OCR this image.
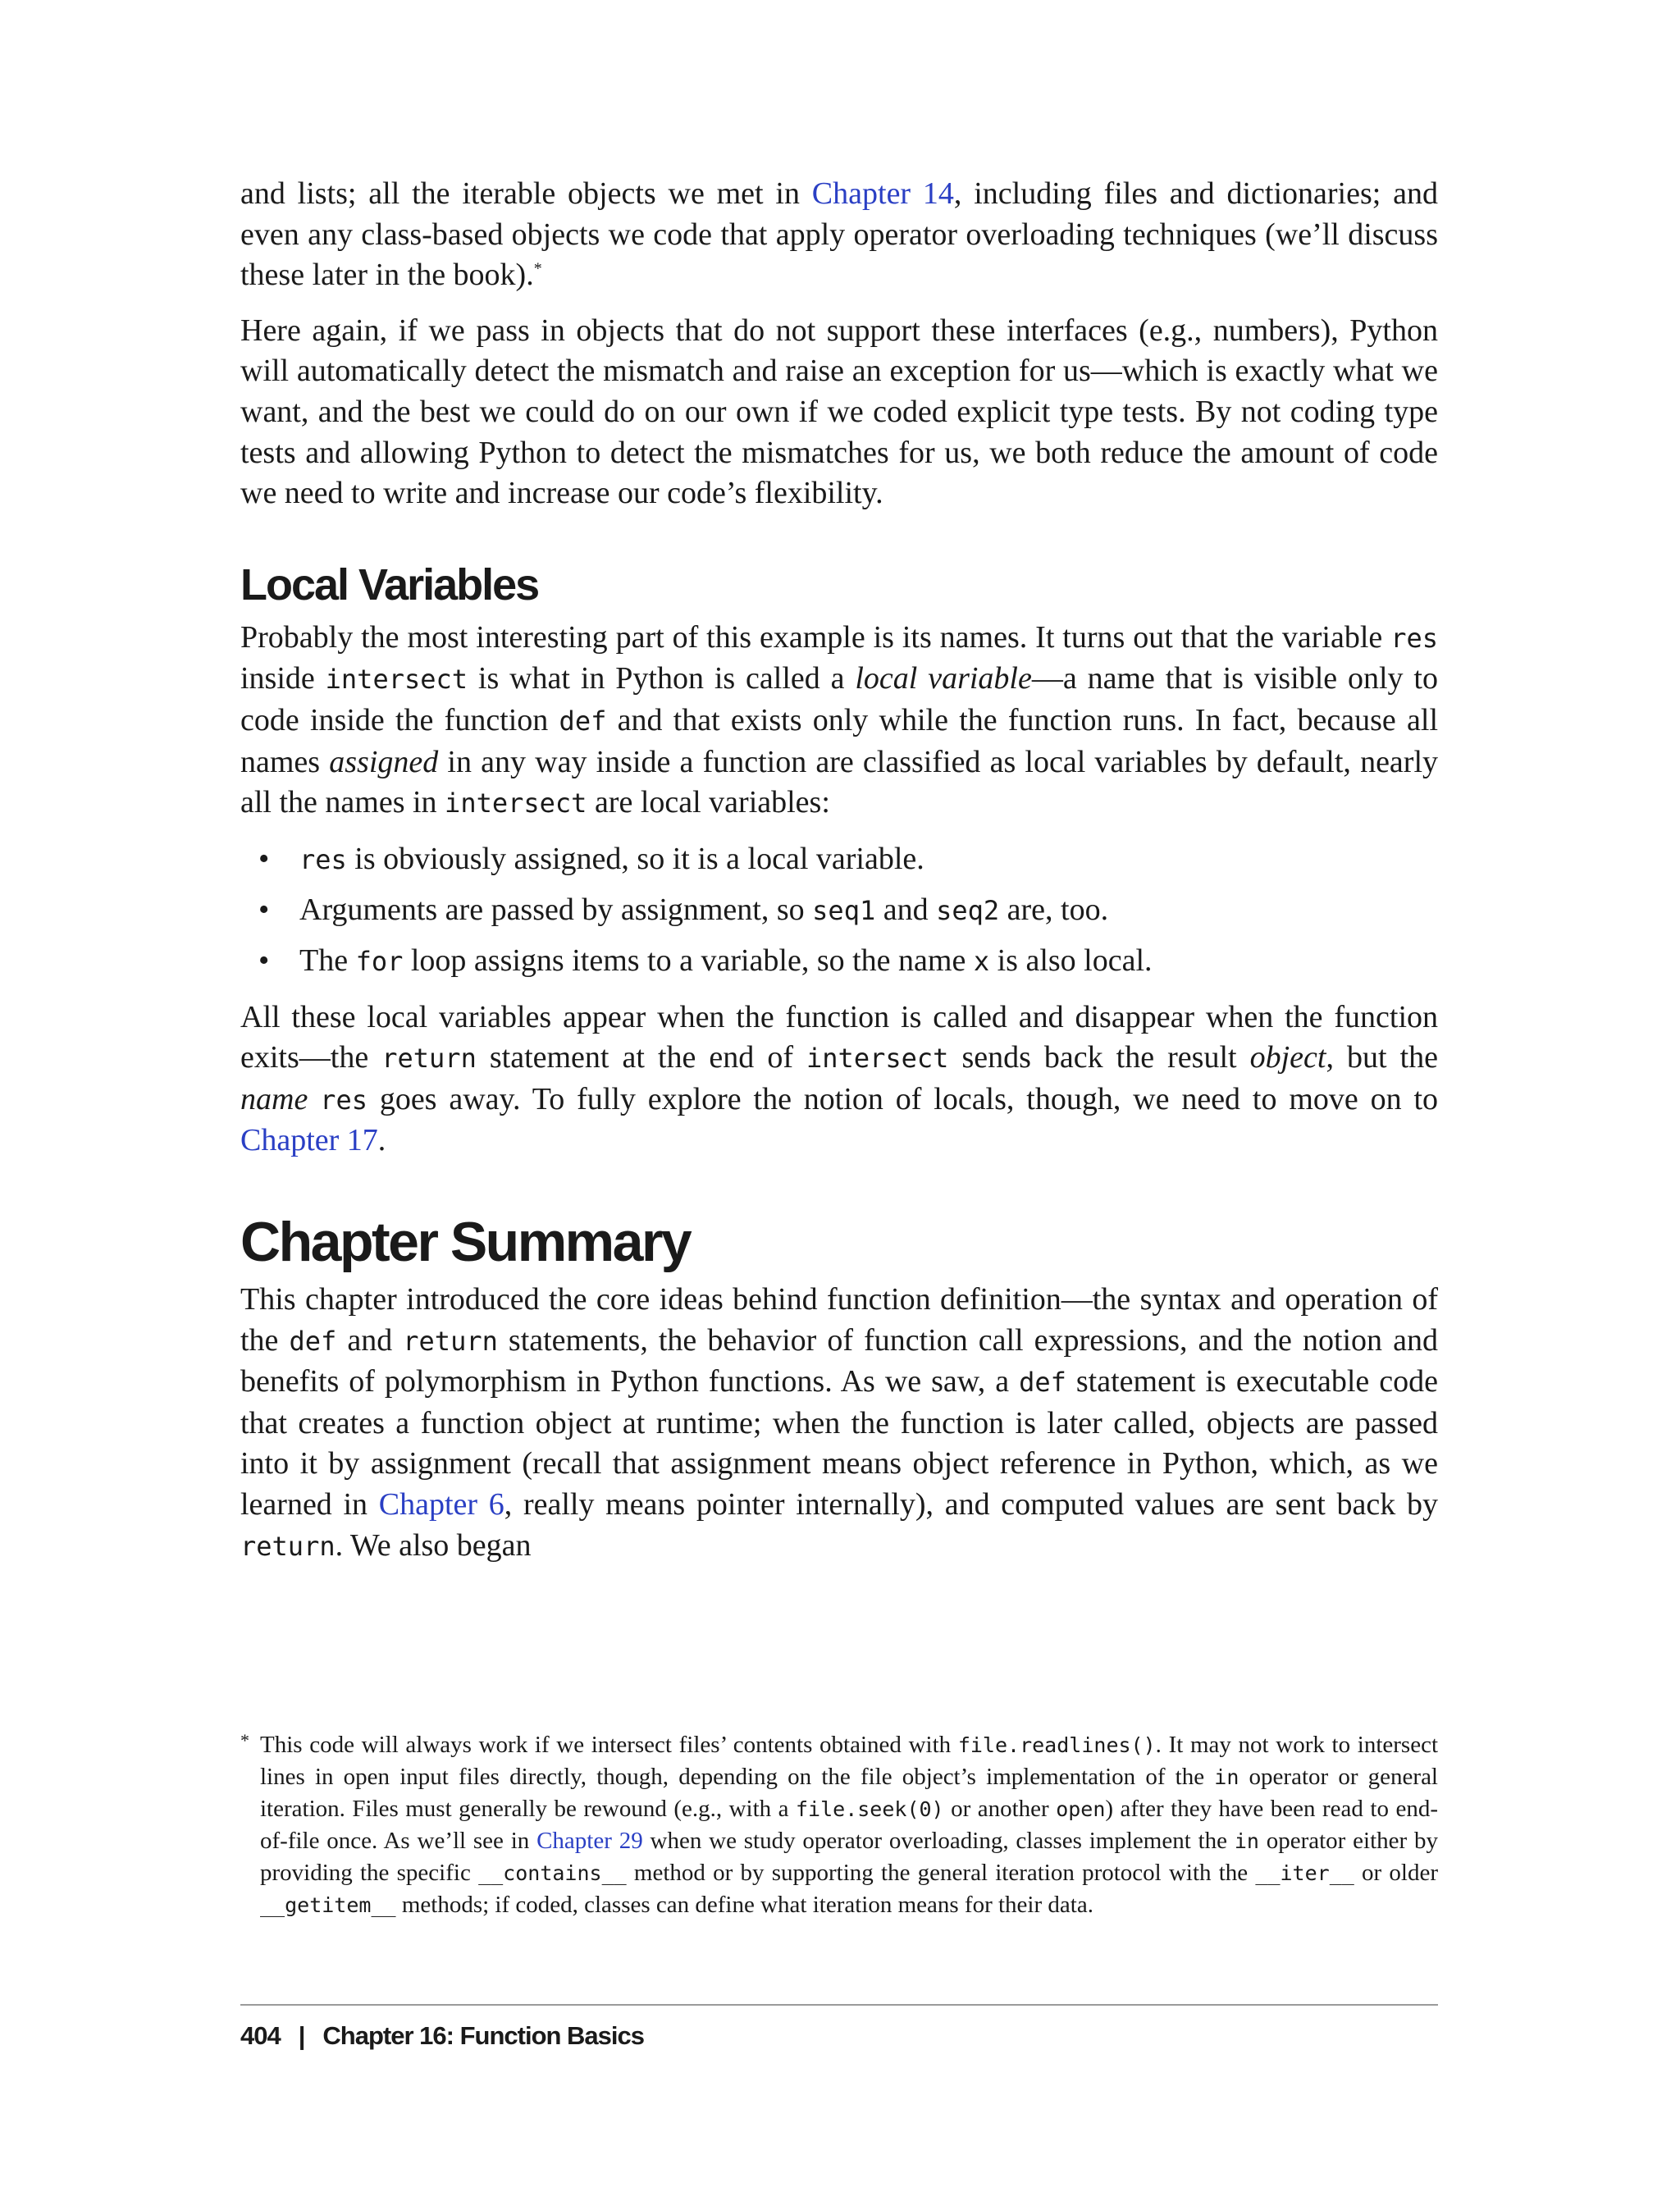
and lists; all the iterable objects we met in Chapter 14, including files and dictionaries; and even any class-based objects we code that apply operator overloading techniques (we’ll discuss these later in the book).*

Here again, if we pass in objects that do not support these interfaces (e.g., numbers), Python will automatically detect the mismatch and raise an exception for us—which is exactly what we want, and the best we could do on our own if we coded explicit type tests. By not coding type tests and allowing Python to detect the mismatches for us, we both reduce the amount of code we need to write and increase our code’s flexibility.

Local Variables

Probably the most interesting part of this example is its names. It turns out that the variable res inside intersect is what in Python is called a local variable—a name that is visible only to code inside the function def and that exists only while the function runs. In fact, because all names assigned in any way inside a function are classified as local variables by default, nearly all the names in intersect are local variables:

• res is obviously assigned, so it is a local variable.
• Arguments are passed by assignment, so seq1 and seq2 are, too.
• The for loop assigns items to a variable, so the name x is also local.

All these local variables appear when the function is called and disappear when the function exits—the return statement at the end of intersect sends back the result object, but the name res goes away. To fully explore the notion of locals, though, we need to move on to Chapter 17.

Chapter Summary

This chapter introduced the core ideas behind function definition—the syntax and operation of the def and return statements, the behavior of function call expressions, and the notion and benefits of polymorphism in Python functions. As we saw, a def statement is executable code that creates a function object at runtime; when the function is later called, objects are passed into it by assignment (recall that assignment means object reference in Python, which, as we learned in Chapter 6, really means pointer internally), and computed values are sent back by return. We also began

* This code will always work if we intersect files’ contents obtained with file.readlines(). It may not work to intersect lines in open input files directly, though, depending on the file object’s implementation of the in operator or general iteration. Files must generally be rewound (e.g., with a file.seek(0) or another open) after they have been read to end-of-file once. As we’ll see in Chapter 29 when we study operator overloading, classes implement the in operator either by providing the specific __contains__ method or by supporting the general iteration protocol with the __iter__ or older __getitem__ methods; if coded, classes can define what iteration means for their data.
404 | Chapter 16: Function Basics
